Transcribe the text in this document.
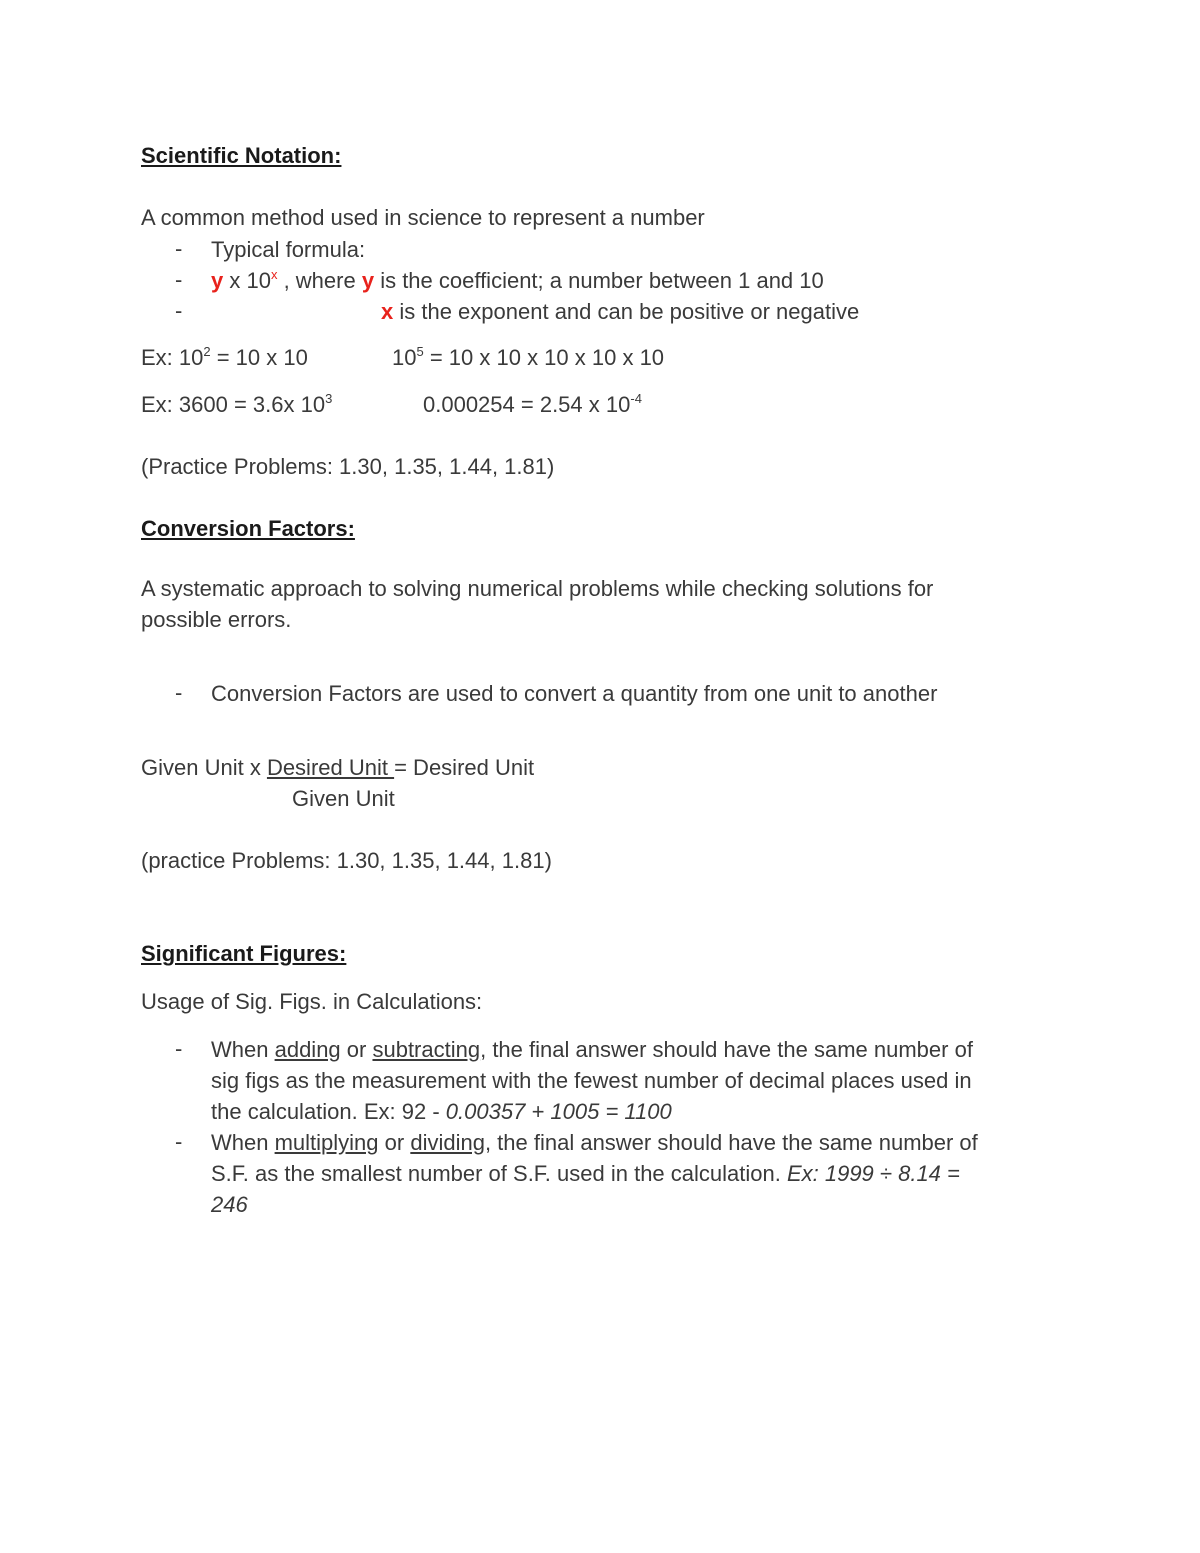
Scientific Notation:
A common method used in science to represent a number
- Typical formula:
- y x 10$^x$ , where y is the coefficient; a number between 1 and 10
-	x is the exponent and can be positive or negative
Ex: $10^2 = 10$ x 10	$10^5 = 10$ x 10 x 10 x 10 x 10
Ex: 3600 = 3.6x $10^3$	0.000254 = 2.54 x $10^{-4}$
(Practice Problems: 1.30, 1.35, 1.44, 1.81)
Conversion Factors:
A systematic approach to solving numerical problems while checking solutions for
possible errors.
- Conversion Factors are used to convert a quantity from one unit to another
Given Unit x Desired Unit = Desired Unit
Given Unit
(practice Problems: 1.30, 1.35, 1.44, 1.81)
Significant Figures:
Usage of Sig. Figs. in Calculations:
- When adding or subtracting, the final answer should have the same number of
sig figs as the measurement with the fewest number of decimal places used in
the calculation. Ex: 92 - 0.00357 + 1005 = 1100
- When multiplying or dividing, the final answer should have the same number of
S.F. as the smallest number of S.F. used in the calculation. Ex: 1999 ÷ 8.14 =
246
